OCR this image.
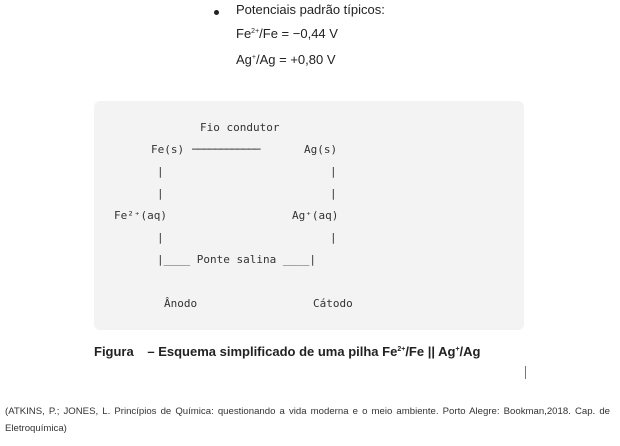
Potenciais padrão típicos:
$Fe^{2+}/Fe = -0,44$ V
Ag+/Ag = +0,80 V
Fio condutor
Fe(s) ────────────	Ag(s)
|	|
|	|
Fe²⁺(aq)	Ag⁺(aq)
|	|
|____ Ponte salina ____|
Ânodo	Cátodo
Figura – Esquema simplificado de uma pilha $Fe^{2+}/Fe$ || Ag+/Ag
(ATKINS, P.; JONES, L. Princípios de Química: questionando a vida moderna e o meio ambiente. Porto Alegre: Bookman,2018. Cap. de Eletroquímica)
